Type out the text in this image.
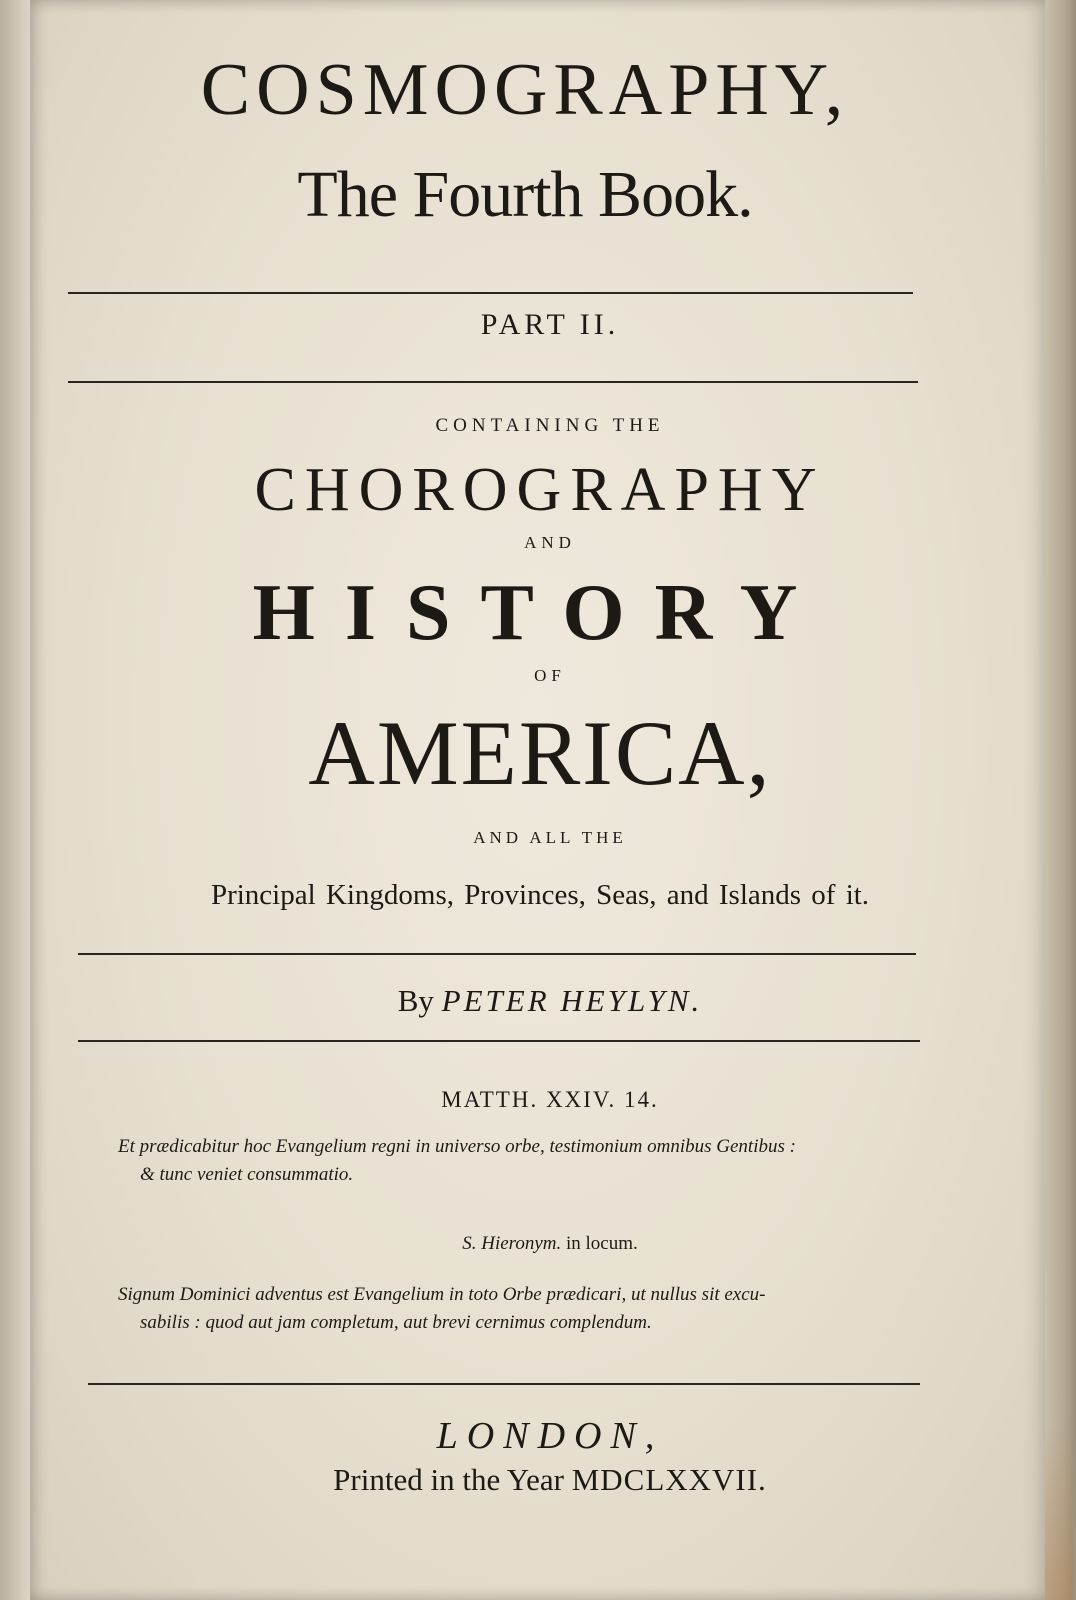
COSMOGRAPHY,
The Fourth Book.
PART II.
CONTAINING THE
CHOROGRAPHY
AND
HISTORY
OF
AMERICA,
AND ALL THE
Principal Kingdoms, Provinces, Seas, and Islands of it.
By PETER HEYLYN.
MATTH. XXIV. 14.
Et prædicabitur hoc Evangelium regni in universo orbe, testimonium omnibus Gentibus :
& tunc veniet consummatio.
S. Hieronym. in locum.
Signum Dominici adventus est Evangelium in toto Orbe prædicari, ut nullus sit excu-
sabilis : quod aut jam completum, aut brevi cernimus complendum.
LONDON,
Printed in the Year MDCLXXVII.
